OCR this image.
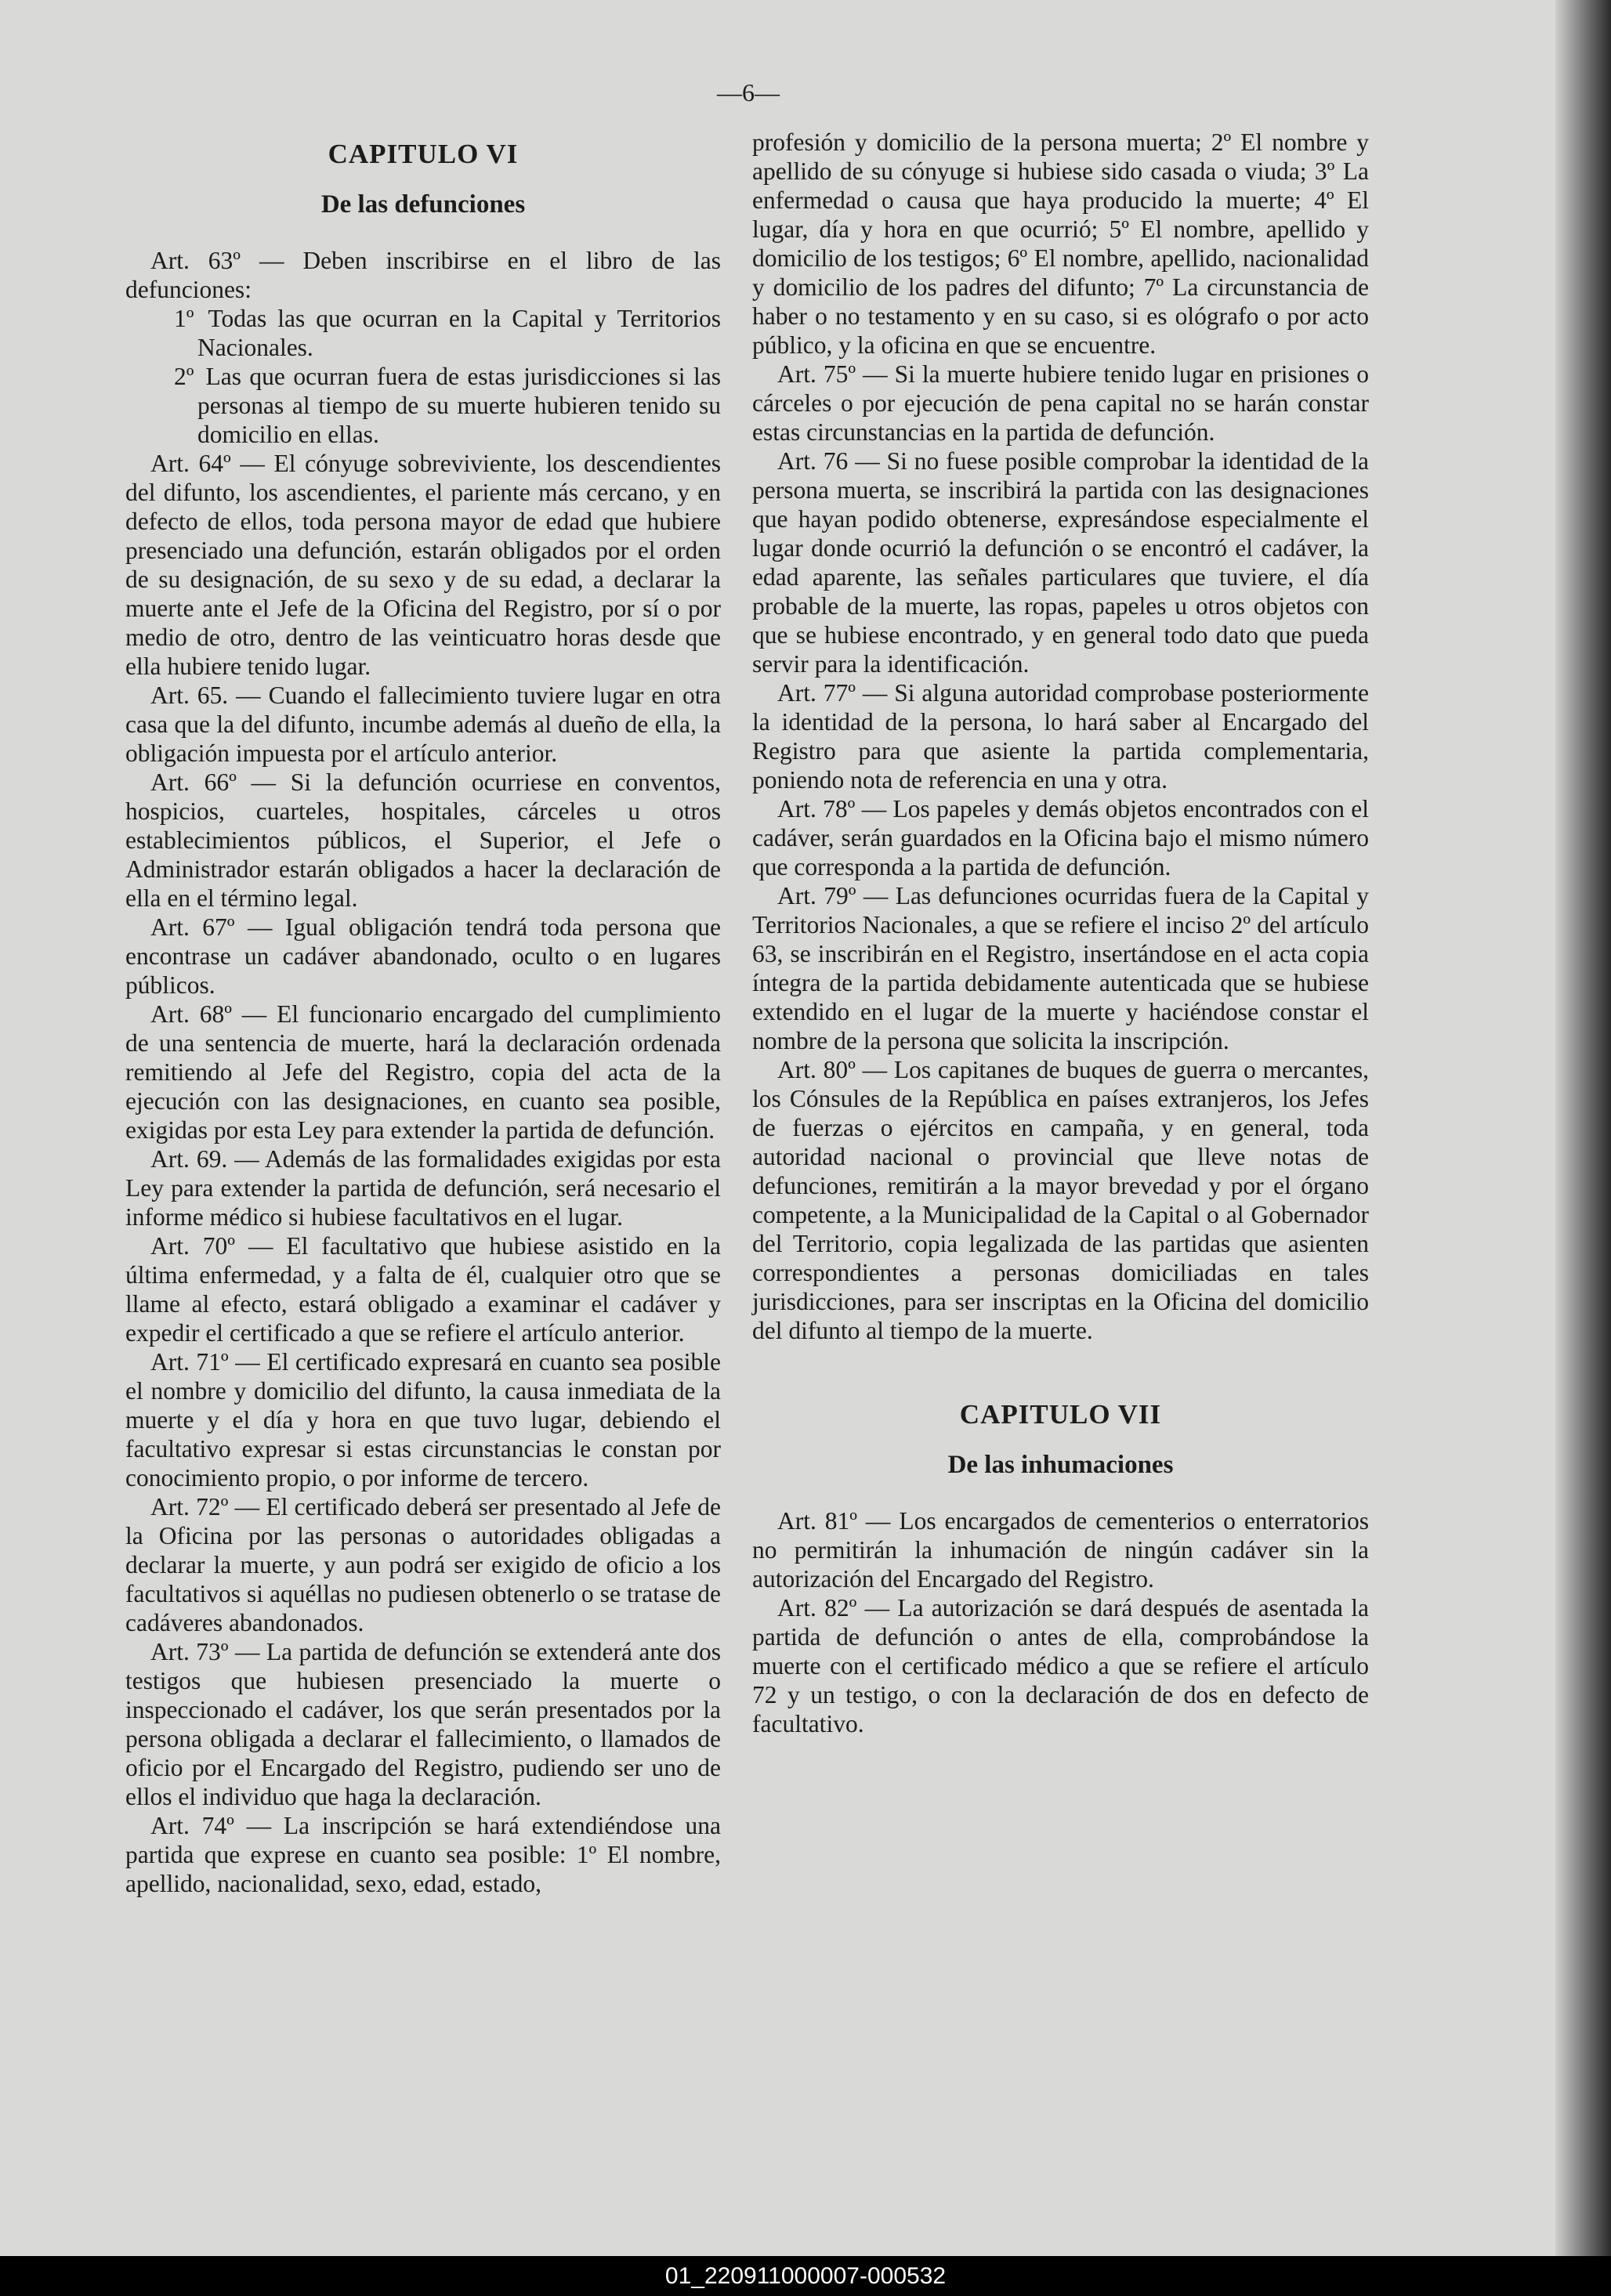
—6—
CAPITULO VI
De las defunciones

Art. 63º — Deben inscribirse en el libro de las defunciones:

1º Todas las que ocurran en la Capital y Territorios Nacionales.
2º Las que ocurran fuera de estas jurisdicciones si las personas al tiempo de su muerte hubieren tenido su domicilio en ellas.

Art. 64º — El cónyuge sobreviviente, los descendientes del difunto, los ascendientes, el pariente más cercano, y en defecto de ellos, toda persona mayor de edad que hubiere presenciado una defunción, estarán obligados por el orden de su designación, de su sexo y de su edad, a declarar la muerte ante el Jefe de la Oficina del Registro, por sí o por medio de otro, dentro de las veinticuatro horas desde que ella hubiere tenido lugar.

Art. 65. — Cuando el fallecimiento tuviere lugar en otra casa que la del difunto, incumbe además al dueño de ella, la obligación impuesta por el artículo anterior.

Art. 66º — Si la defunción ocurriese en conventos, hospicios, cuarteles, hospitales, cárceles u otros establecimientos públicos, el Superior, el Jefe o Administrador estarán obligados a hacer la declaración de ella en el término legal.

Art. 67º — Igual obligación tendrá toda persona que encontrase un cadáver abandonado, oculto o en lugares públicos.

Art. 68º — El funcionario encargado del cumplimiento de una sentencia de muerte, hará la declaración ordenada remitiendo al Jefe del Registro, copia del acta de la ejecución con las designaciones, en cuanto sea posible, exigidas por esta Ley para extender la partida de defunción.

Art. 69. — Además de las formalidades exigidas por esta Ley para extender la partida de defunción, será necesario el informe médico si hubiese facultativos en el lugar.

Art. 70º — El facultativo que hubiese asistido en la última enfermedad, y a falta de él, cualquier otro que se llame al efecto, estará obligado a examinar el cadáver y expedir el certificado a que se refiere el artículo anterior.

Art. 71º — El certificado expresará en cuanto sea posible el nombre y domicilio del difunto, la causa inmediata de la muerte y el día y hora en que tuvo lugar, debiendo el facultativo expresar si estas circunstancias le constan por conocimiento propio, o por informe de tercero.

Art. 72º — El certificado deberá ser presentado al Jefe de la Oficina por las personas o autoridades obligadas a declarar la muerte, y aun podrá ser exigido de oficio a los facultativos si aquéllas no pudiesen obtenerlo o se tratase de cadáveres abandonados.

Art. 73º — La partida de defunción se extenderá ante dos testigos que hubiesen presenciado la muerte o inspeccionado el cadáver, los que serán presentados por la persona obligada a declarar el fallecimiento, o llamados de oficio por el Encargado del Registro, pudiendo ser uno de ellos el individuo que haga la declaración.

Art. 74º — La inscripción se hará extendiéndose una partida que exprese en cuanto sea posible: 1º El nombre, apellido, nacionalidad, sexo, edad, estado,

profesión y domicilio de la persona muerta; 2º El nombre y apellido de su cónyuge si hubiese sido casada o viuda; 3º La enfermedad o causa que haya producido la muerte; 4º El lugar, día y hora en que ocurrió; 5º El nombre, apellido y domicilio de los testigos; 6º El nombre, apellido, nacionalidad y domicilio de los padres del difunto; 7º La circunstancia de haber o no testamento y en su caso, si es ológrafo o por acto público, y la oficina en que se encuentre.

Art. 75º — Si la muerte hubiere tenido lugar en prisiones o cárceles o por ejecución de pena capital no se harán constar estas circunstancias en la partida de defunción.

Art. 76 — Si no fuese posible comprobar la identidad de la persona muerta, se inscribirá la partida con las designaciones que hayan podido obtenerse, expresándose especialmente el lugar donde ocurrió la defunción o se encontró el cadáver, la edad aparente, las señales particulares que tuviere, el día probable de la muerte, las ropas, papeles u otros objetos con que se hubiese encontrado, y en general todo dato que pueda servir para la identificación.

Art. 77º — Si alguna autoridad comprobase posteriormente la identidad de la persona, lo hará saber al Encargado del Registro para que asiente la partida complementaria, poniendo nota de referencia en una y otra.

Art. 78º — Los papeles y demás objetos encontrados con el cadáver, serán guardados en la Oficina bajo el mismo número que corresponda a la partida de defunción.

Art. 79º — Las defunciones ocurridas fuera de la Capital y Territorios Nacionales, a que se refiere el inciso 2º del artículo 63, se inscribirán en el Registro, insertándose en el acta copia íntegra de la partida debidamente autenticada que se hubiese extendido en el lugar de la muerte y haciéndose constar el nombre de la persona que solicita la inscripción.

Art. 80º — Los capitanes de buques de guerra o mercantes, los Cónsules de la República en países extranjeros, los Jefes de fuerzas o ejércitos en campaña, y en general, toda autoridad nacional o provincial que lleve notas de defunciones, remitirán a la mayor brevedad y por el órgano competente, a la Municipalidad de la Capital o al Gobernador del Territorio, copia legalizada de las partidas que asienten correspondientes a personas domiciliadas en tales jurisdicciones, para ser inscriptas en la Oficina del domicilio del difunto al tiempo de la muerte.

CAPITULO VII
De las inhumaciones

Art. 81º — Los encargados de cementerios o enterratorios no permitirán la inhumación de ningún cadáver sin la autorización del Encargado del Registro.

Art. 82º — La autorización se dará después de asentada la partida de defunción o antes de ella, comprobándose la muerte con el certificado médico a que se refiere el artículo 72 y un testigo, o con la declaración de dos en defecto de facultativo.

01_220911000007-000532
